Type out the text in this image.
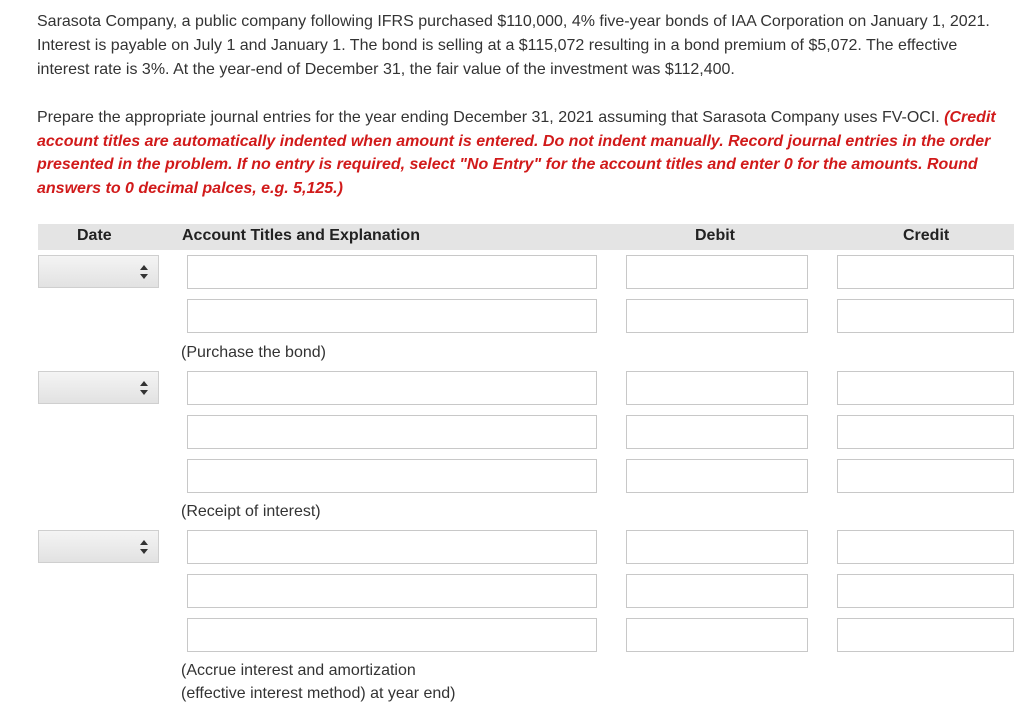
Sarasota Company, a public company following IFRS purchased $110,000, 4% five-year bonds of IAA Corporation on January 1, 2021. Interest is payable on July 1 and January 1. The bond is selling at a $115,072 resulting in a bond premium of $5,072. The effective interest rate is 3%. At the year-end of December 31, the fair value of the investment was $112,400.

Prepare the appropriate journal entries for the year ending December 31, 2021 assuming that Sarasota Company uses FV-OCI. (Credit account titles are automatically indented when amount is entered. Do not indent manually. Record journal entries in the order presented in the problem. If no entry is required, select "No Entry" for the account titles and enter 0 for the amounts. Round answers to 0 decimal palces, e.g. 5,125.)

Date	Account Titles and Explanation	Debit	Credit
(Purchase the bond)
(Receipt of interest)
(Accrue interest and amortization
(effective interest method) at year end)
